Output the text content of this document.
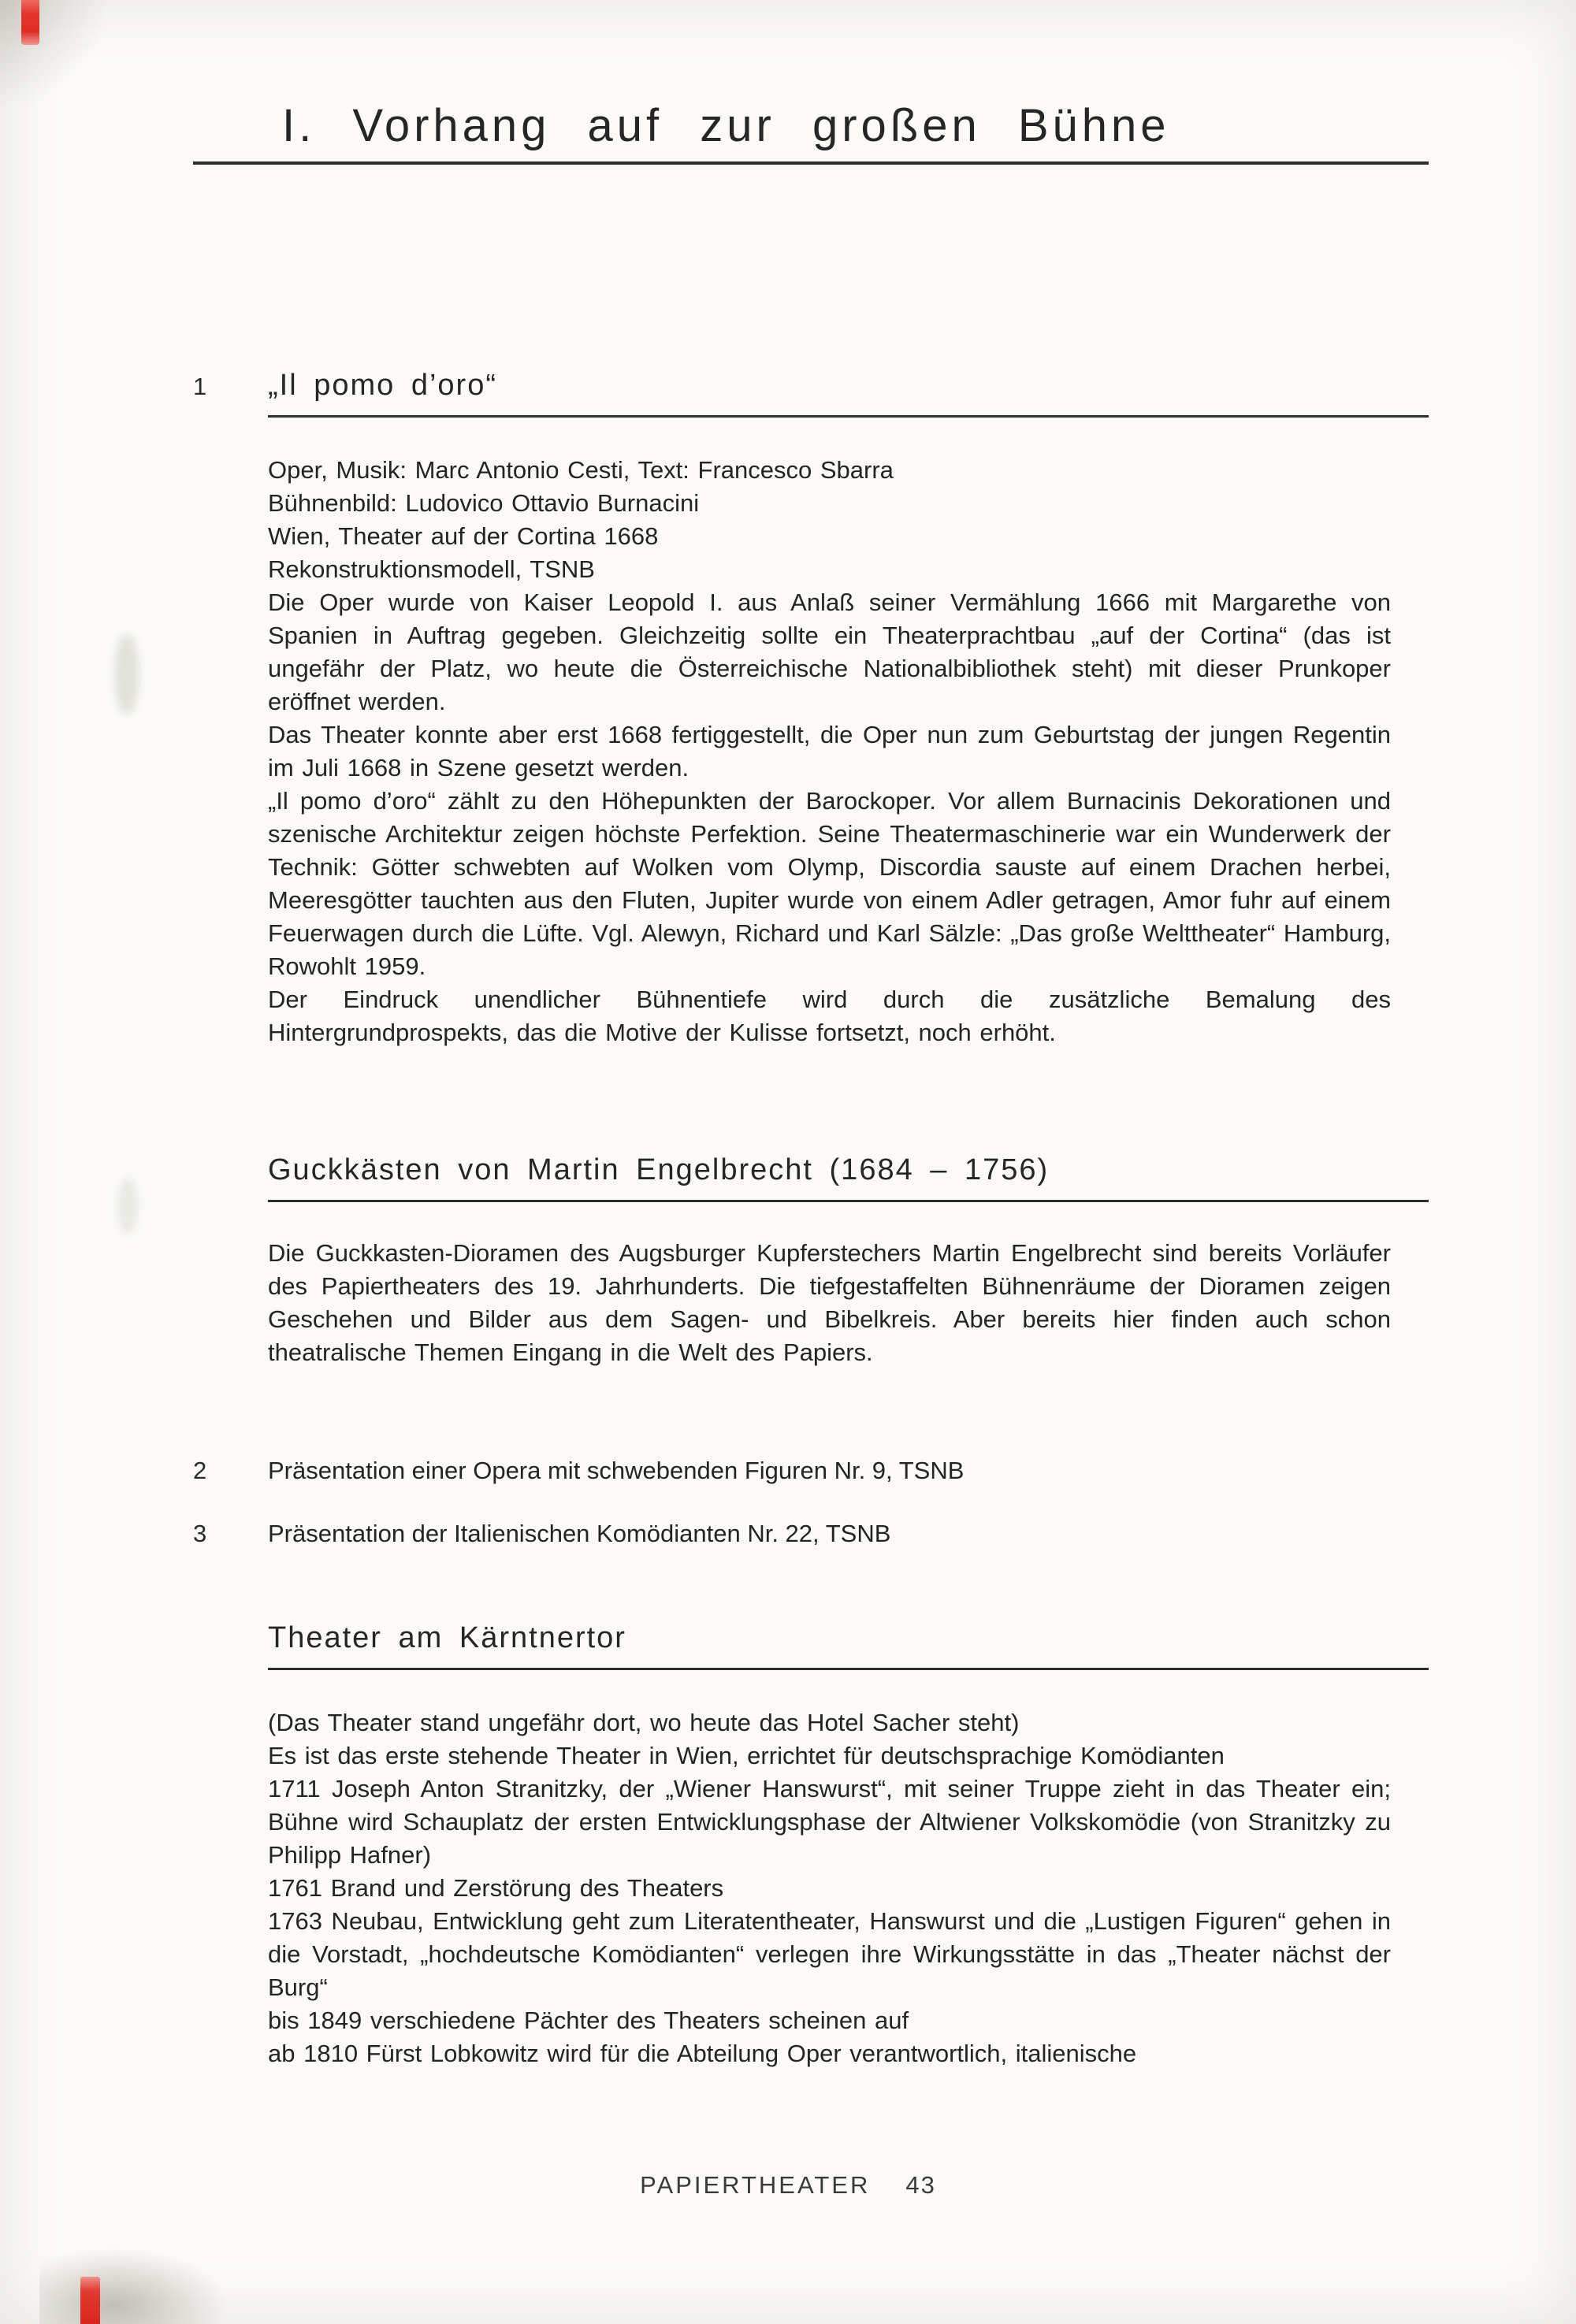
I. Vorhang auf zur großen Bühne
1	„Il pomo d’oro“

Oper, Musik: Marc Antonio Cesti, Text: Francesco Sbarra

Bühnenbild: Ludovico Ottavio Burnacini

Wien, Theater auf der Cortina 1668

Rekonstruktionsmodell, TSNB

Die Oper wurde von Kaiser Leopold I. aus Anlaß seiner Vermählung 1666 mit Margarethe von Spanien in Auftrag gegeben. Gleichzeitig sollte ein Theaterprachtbau „auf der Cortina“ (das ist ungefähr der Platz, wo heute die Österreichische Nationalbibliothek steht) mit dieser Prunkoper eröffnet werden.

Das Theater konnte aber erst 1668 fertiggestellt, die Oper nun zum Geburtstag der jungen Regentin im Juli 1668 in Szene gesetzt werden.

„Il pomo d’oro“ zählt zu den Höhepunkten der Barockoper. Vor allem Burnacinis Dekorationen und szenische Architektur zeigen höchste Perfektion. Seine Theatermaschinerie war ein Wunderwerk der Technik: Götter schwebten auf Wolken vom Olymp, Discordia sauste auf einem Drachen herbei, Meeresgötter tauchten aus den Fluten, Jupiter wurde von einem Adler getragen, Amor fuhr auf einem Feuerwagen durch die Lüfte. Vgl. Alewyn, Richard und Karl Sälzle: „Das große Welttheater“ Hamburg, Rowohlt 1959.

Der Eindruck unendlicher Bühnentiefe wird durch die zusätzliche Bemalung des Hintergrundprospekts, das die Motive der Kulisse fortsetzt, noch erhöht.

Guckkästen von Martin Engelbrecht (1684 – 1756)

Die Guckkasten-Dioramen des Augsburger Kupferstechers Martin Engelbrecht sind bereits Vorläufer des Papiertheaters des 19. Jahrhunderts. Die tiefgestaffelten Bühnenräume der Dioramen zeigen Geschehen und Bilder aus dem Sagen- und Bibelkreis. Aber bereits hier finden auch schon theatralische Themen Eingang in die Welt des Papiers.

2	Präsentation einer Opera mit schwebenden Figuren Nr. 9, TSNB
3	Präsentation der Italienischen Komödianten Nr. 22, TSNB
Theater am Kärntnertor

(Das Theater stand ungefähr dort, wo heute das Hotel Sacher steht)

Es ist das erste stehende Theater in Wien, errichtet für deutschsprachige Komödianten

1711 Joseph Anton Stranitzky, der „Wiener Hanswurst“, mit seiner Truppe zieht in das Theater ein; Bühne wird Schauplatz der ersten Entwicklungsphase der Altwiener Volkskomödie (von Stranitzky zu Philipp Hafner)

1761 Brand und Zerstörung des Theaters

1763 Neubau, Entwicklung geht zum Literatentheater, Hanswurst und die „Lustigen Figuren“ gehen in die Vorstadt, „hochdeutsche Komödianten“ verlegen ihre Wirkungsstätte in das „Theater nächst der Burg“

bis 1849 verschiedene Pächter des Theaters scheinen auf

ab 1810 Fürst Lobkowitz wird für die Abteilung Oper verantwortlich, italienische

PAPIERTHEATER 43
